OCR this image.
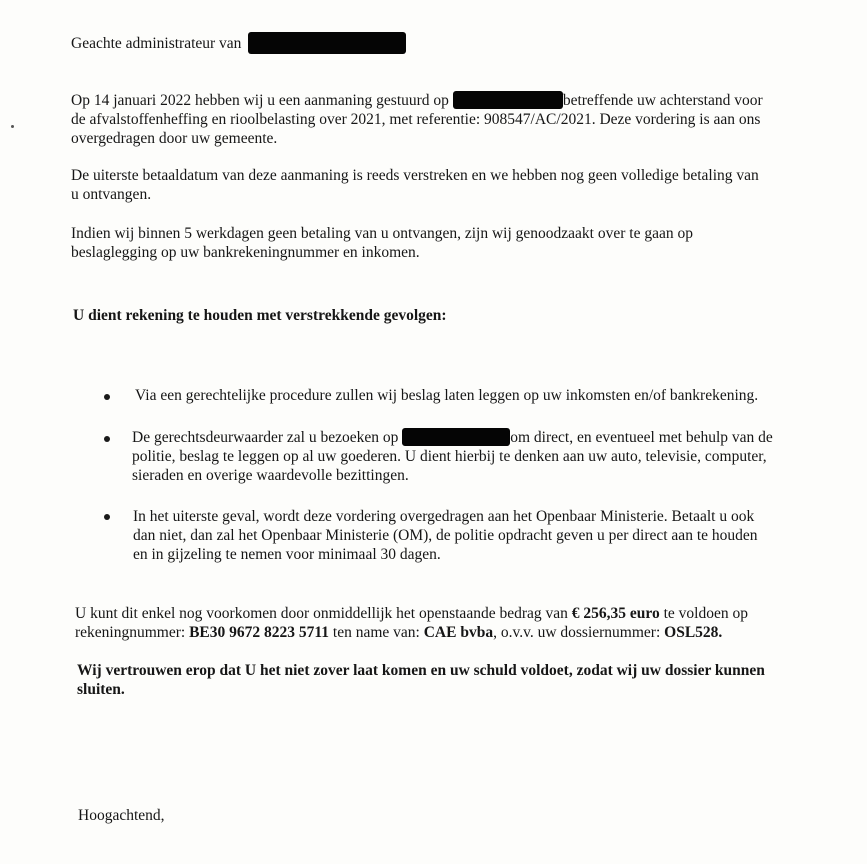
Geachte administrateur van
Op 14 januari 2022 hebben wij u een aanmaning gestuurd op	betreffende uw achterstand voor
de afvalstoffenheffing en rioolbelasting over 2021, met referentie: 908547/AC/2021. Deze vordering is aan ons
overgedragen door uw gemeente.
De uiterste betaaldatum van deze aanmaning is reeds verstreken en we hebben nog geen volledige betaling van
u ontvangen.
Indien wij binnen 5 werkdagen geen betaling van u ontvangen, zijn wij genoodzaakt over te gaan op
beslaglegging op uw bankrekeningnummer en inkomen.
U dient rekening te houden met verstrekkende gevolgen:
Via een gerechtelijke procedure zullen wij beslag laten leggen op uw inkomsten en/of bankrekening.
De gerechtsdeurwaarder zal u bezoeken op	om direct, en eventueel met behulp van de
politie, beslag te leggen op al uw goederen. U dient hierbij te denken aan uw auto, televisie, computer,
sieraden en overige waardevolle bezittingen.
In het uiterste geval, wordt deze vordering overgedragen aan het Openbaar Ministerie. Betaalt u ook
dan niet, dan zal het Openbaar Ministerie (OM), de politie opdracht geven u per direct aan te houden
en in gijzeling te nemen voor minimaal 30 dagen.
U kunt dit enkel nog voorkomen door onmiddellijk het openstaande bedrag van € 256,35 euro te voldoen op
rekeningnummer: BE30 9672 8223 5711 ten name van: CAE bvba, o.v.v. uw dossiernummer: OSL528.
Wij vertrouwen erop dat U het niet zover laat komen en uw schuld voldoet, zodat wij uw dossier kunnen
sluiten.
Hoogachtend,
